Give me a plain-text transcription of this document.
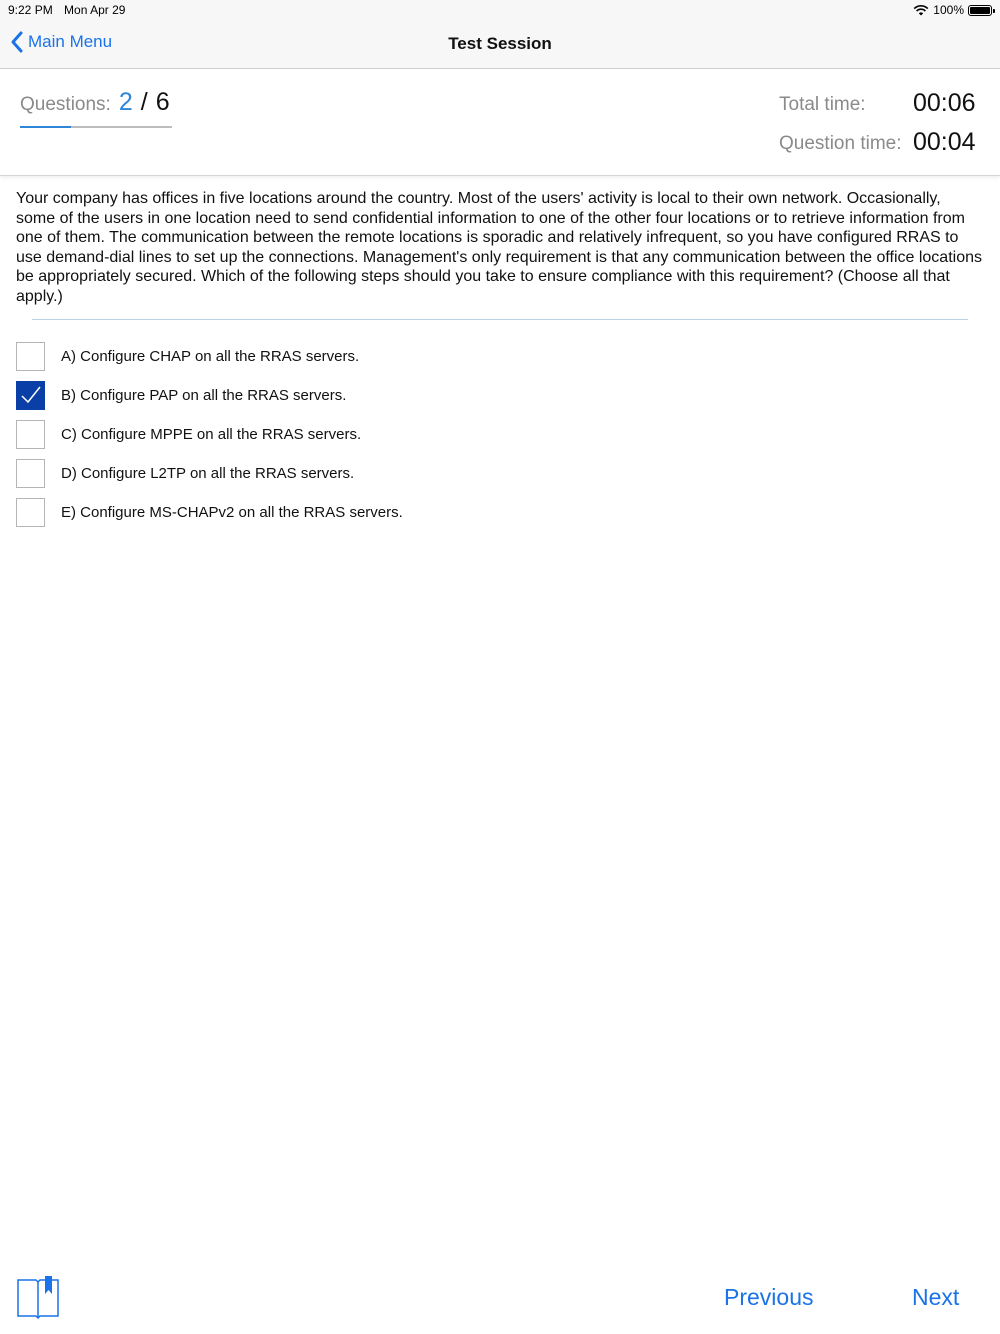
9:22 PM Mon Apr 29	100%
Main Menu	Test Session
Questions: 2 / 6	Total time: 00:06
Question time: 00:04
Your company has offices in five locations around the country. Most of the users' activity is local to their own network. Occasionally, some of the users in one location need to send confidential information to one of the other four locations or to retrieve information from one of them. The communication between the remote locations is sporadic and relatively infrequent, so you have configured RRAS to use demand-dial lines to set up the connections. Management's only requirement is that any communication between the office locations be appropriately secured. Which of the following steps should you take to ensure compliance with this requirement? (Choose all that apply.)
A) Configure CHAP on all the RRAS servers.
B) Configure PAP on all the RRAS servers.
C) Configure MPPE on all the RRAS servers.
D) Configure L2TP on all the RRAS servers.
E) Configure MS-CHAPv2 on all the RRAS servers.
Previous	Next
